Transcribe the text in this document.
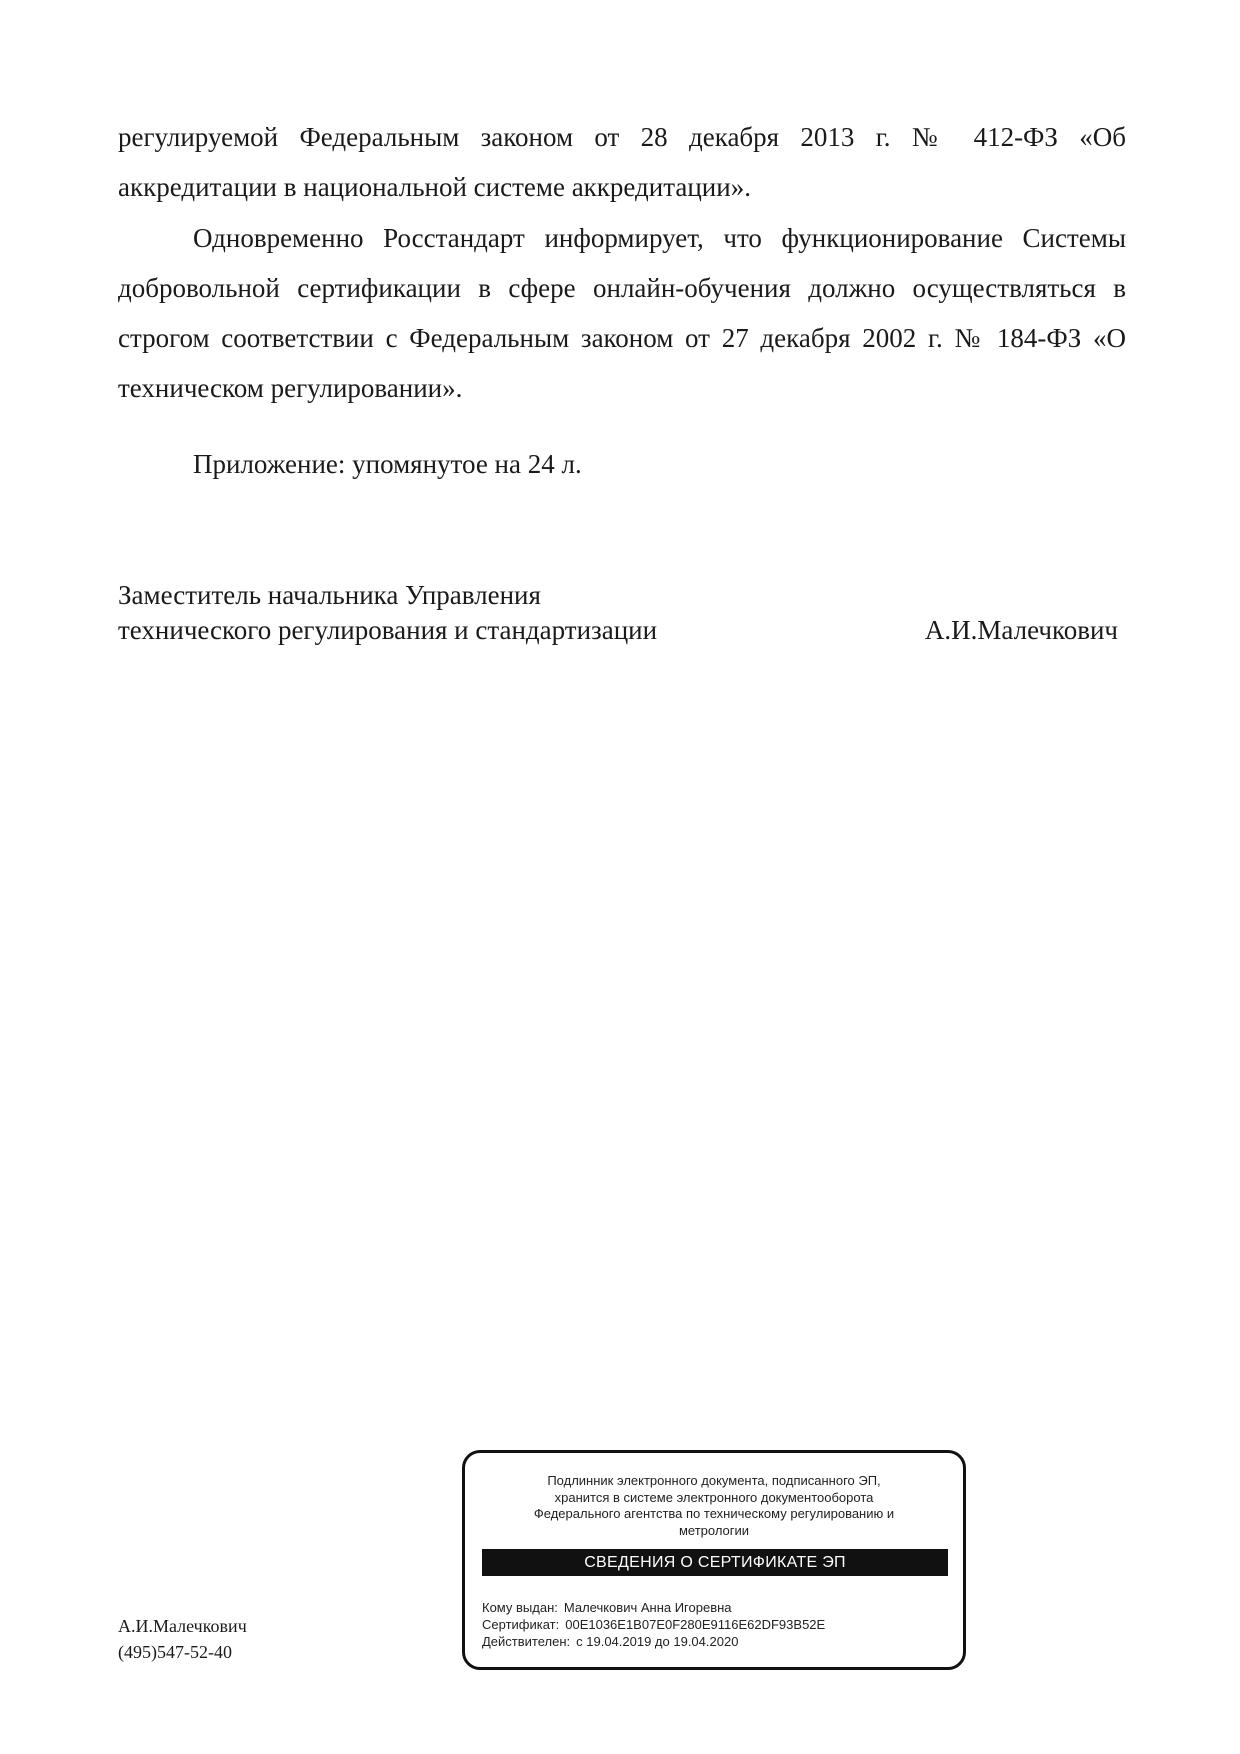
регулируемой Федеральным законом от 28 декабря 2013 г. № 412-ФЗ «Об аккредитации в национальной системе аккредитации».

Одновременно Росстандарт информирует, что функционирование Системы добровольной сертификации в сфере онлайн-обучения должно осуществляться в строгом соответствии с Федеральным законом от 27 декабря 2002 г. № 184-ФЗ «О техническом регулировании».

Приложение: упомянутое на 24 л.

Заместитель начальника Управления
технического регулирования и стандартизации	А.И.Малечкович
Подлинник электронного документа, подписанного ЭП,
хранится в системе электронного документооборота
Федерального агентства по техническому регулированию и
метрологии
СВЕДЕНИЯ О СЕРТИФИКАТЕ ЭП
Кому выдан: Малечкович Анна Игоревна
Сертификат: 00E1036E1B07E0F280E9116E62DF93B52E
Действителен: с 19.04.2019 до 19.04.2020
А.И.Малечкович
(495)547-52-40
